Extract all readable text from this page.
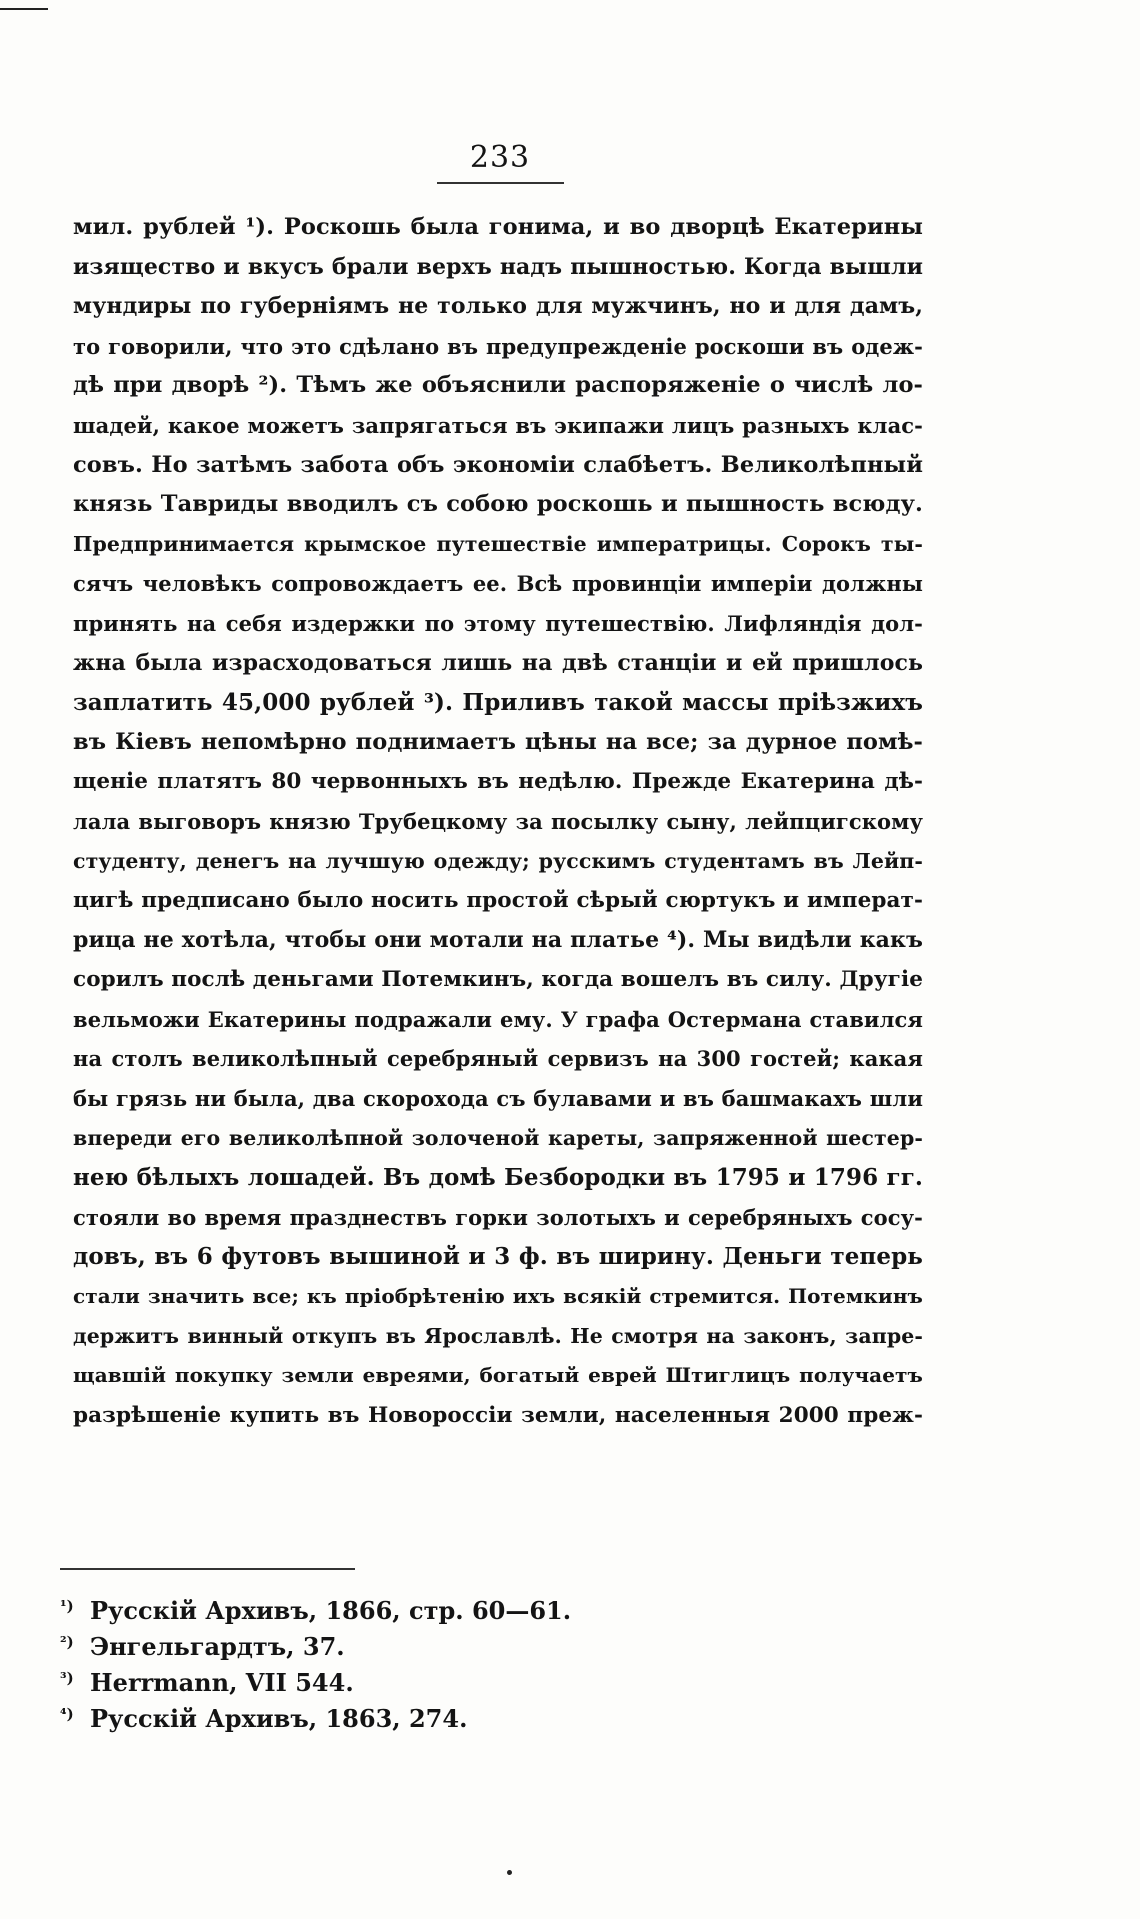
233
мил. рублей ¹). Роскошь была гонима, и во дворцѣ Екатерины
изящество и вкусъ брали верхъ надъ пышностью. Когда вышли
мундиры по губерніямъ не только для мужчинъ, но и для дамъ,
то говорили, что это сдѣлано въ предупрежденіе роскоши въ одеж-
дѣ при дворѣ ²). Тѣмъ же объяснили распоряженіе о числѣ ло-
шадей, какое можетъ запрягаться въ экипажи лицъ разныхъ клас-
совъ. Но затѣмъ забота объ экономіи слабѣетъ. Великолѣпный
князь Тавриды вводилъ съ собою роскошь и пышность всюду.
Предпринимается крымское путешествіе императрицы. Сорокъ ты-
сячъ человѣкъ сопровождаетъ ее. Всѣ провинціи имперіи должны
принять на себя издержки по этому путешествію. Лифляндія дол-
жна была израсходоваться лишь на двѣ станціи и ей пришлось
заплатить 45,000 рублей ³). Приливъ такой массы пріѣзжихъ
въ Кіевъ непомѣрно поднимаетъ цѣны на все; за дурное помѣ-
щеніе платятъ 80 червонныхъ въ недѣлю. Прежде Екатерина дѣ-
лала выговоръ князю Трубецкому за посылку сыну, лейпцигскому
студенту, денегъ на лучшую одежду; русскимъ студентамъ въ Лейп-
цигѣ предписано было носить простой сѣрый сюртукъ и императ-
рица не хотѣла, чтобы они мотали на платье ⁴). Мы видѣли какъ
сорилъ послѣ деньгами Потемкинъ, когда вошелъ въ силу. Другіе
вельможи Екатерины подражали ему. У графа Остермана ставился
на столъ великолѣпный серебряный сервизъ на 300 гостей; какая
бы грязь ни была, два скорохода съ булавами и въ башмакахъ шли
впереди его великолѣпной золоченой кареты, запряженной шестер-
нею бѣлыхъ лошадей. Въ домѣ Безбородки въ 1795 и 1796 гг.
стояли во время празднествъ горки золотыхъ и серебряныхъ сосу-
довъ, въ 6 футовъ вышиной и 3 ф. въ ширину. Деньги теперь
стали значить все; къ пріобрѣтенію ихъ всякій стремится. Потемкинъ
держитъ винный откупъ въ Ярославлѣ. Не смотря на законъ, запре-
щавшій покупку земли евреями, богатый еврей Штиглицъ получаетъ
разрѣшеніе купить въ Новороссіи земли, населенныя 2000 преж-
¹) Русскій Архивъ, 1866, стр. 60—61.
²) Энгельгардтъ, 37.
³) Herrmann, VII 544.
⁴) Русскій Архивъ, 1863, 274.
